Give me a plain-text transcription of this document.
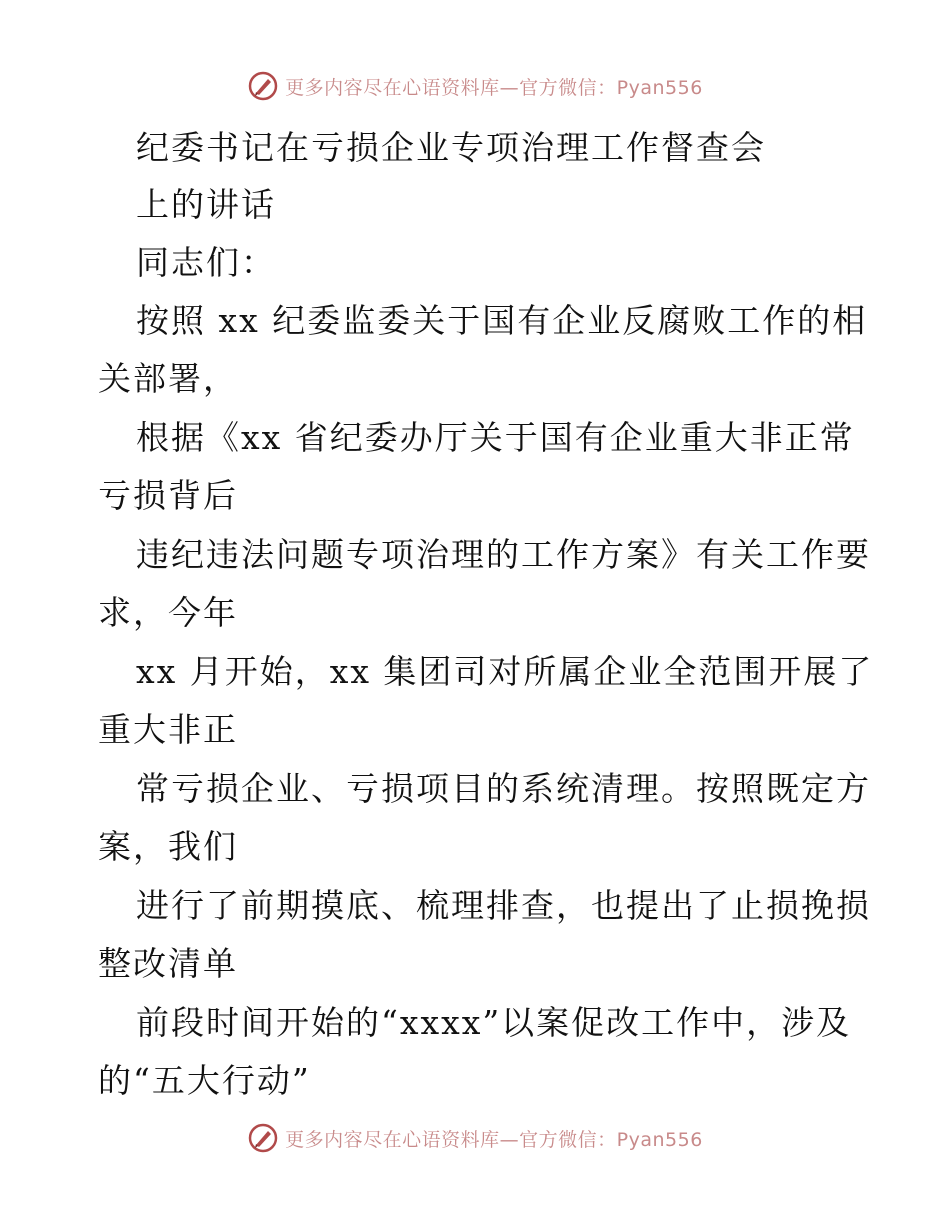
更多内容尽在心语资料库—官方微信：Pyan556
纪委书记在亏损企业专项治理工作督查会
上的讲话
同志们：
按照 xx 纪委监委关于国有企业反腐败工作的相
关部署，
根据《xx 省纪委办厅关于国有企业重大非正常
亏损背后
违纪违法问题专项治理的工作方案》有关工作要
求，今年
xx 月开始，xx 集团司对所属企业全范围开展了
重大非正
常亏损企业、亏损项目的系统清理。按照既定方
案，我们
进行了前期摸底、梳理排查，也提出了止损挽损
整改清单
前段时间开始的“xxxx”以案促改工作中，涉及
的“五大行动”
更多内容尽在心语资料库—官方微信：Pyan556
